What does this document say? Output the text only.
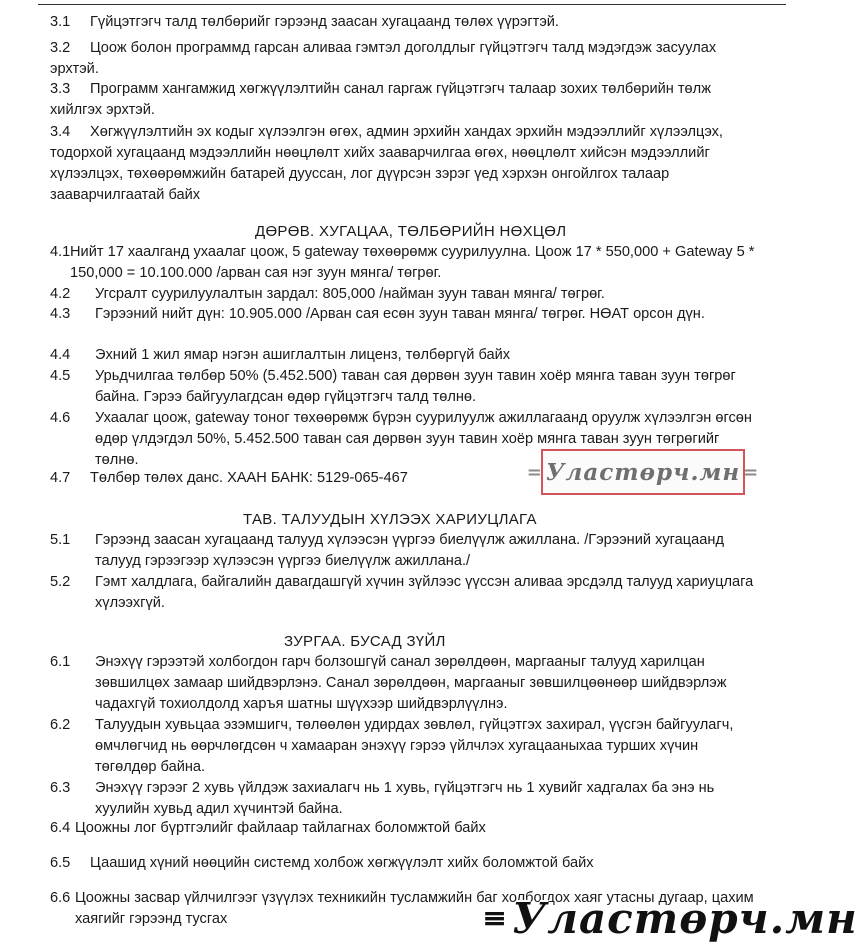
3.1	Гүйцэтгэгч талд төлбөрийг гэрээнд заасан хугацаанд төлөх үүрэгтэй.
3.2	Цоож болон программд гарсан аливаа гэмтэл доголдлыг гүйцэтгэгч талд мэдэгдэж засуулах эрхтэй.
3.3	Программ хангамжид хөгжүүлэлтийн санал гаргаж гүйцэтгэгч талаар зохих төлбөрийн төлж хийлгэх эрхтэй.
3.4	Хөгжүүлэлтийн эх кодыг хүлээлгэн өгөх, админ эрхийн хандах эрхийн мэдээллийг хүлээлцэх, тодорхой хугацаанд мэдээллийн нөөцлөлт хийх зааварчилгаа өгөх, нөөцлөлт хийсэн мэдээллийг хүлээлцэх, төхөөрөмжийн батарей дууссан, лог дүүрсэн зэрэг үед хэрхэн онгойлгох талаар зааварчилгаатай байх
ДӨРӨВ. ХУГАЦАА, ТӨЛБӨРИЙН НӨХЦӨЛ
4.1 Нийт 17 хаалганд ухаалаг цоож, 5 gateway төхөөрөмж суурилуулна. Цоож 17 * 550,000 + Gateway 5 * 150,000 = 10.100.000 /арван сая нэг зуун мянга/ төгрөг.
4.2	Угсралт суурилуулалтын зардал: 805,000 /найман зуун таван мянга/ төгрөг.
4.3	Гэрээний нийт дүн: 10.905.000 /Арван сая есөн зуун таван мянга/ төгрөг. НӨАТ орсон дүн.
4.4	Эхний 1 жил ямар нэгэн ашиглалтын лиценз, төлбөргүй байх
4.5	Урьдчилгаа төлбөр 50% (5.452.500) таван сая дөрвөн зуун тавин хоёр мянга таван зуун төгрөг байна. Гэрээ байгуулагдсан өдөр гүйцэтгэгч талд төлнө.
4.6	Ухаалаг цоож, gateway тоног төхөөрөмж бүрэн суурилуулж ажиллагаанд оруулж хүлээлгэн өгсөн өдөр үлдэгдэл 50%, 5.452.500 таван сая дөрвөн зуун тавин хоёр мянга таван зуун төгрөгийг төлнө.
4.7	Төлбөр төлөх данс. ХААН БАНК: 5129-065-467	= Уластөрч.мн =
ТАВ. ТАЛУУДЫН ХҮЛЭЭХ ХАРИУЦЛАГА
5.1	Гэрээнд заасан хугацаанд талууд хүлээсэн үүргээ биелүүлж ажиллана. /Гэрээний хугацаанд талууд гэрээгээр хүлээсэн үүргээ биелүүлж ажиллана./
5.2	Гэмт халдлага, байгалийн давагдашгүй хүчин зүйлээс үүссэн аливаа эрсдэлд талууд хариуцлага хүлээхгүй.
ЗУРГАА. БУСАД ЗҮЙЛ
6.1	Энэхүү гэрээтэй холбогдон гарч болзошгүй санал зөрөлдөөн, маргааныг талууд харилцан зөвшилцөх замаар шийдвэрлэнэ. Санал зөрөлдөөн, маргааныг зөвшилцөөнөөр шийдвэрлэж чадахгүй тохиолдолд харъя шатны шүүхээр шийдвэрлүүлнэ.
6.2	Талуудын хувьцаа эзэмшигч, төлөөлөн удирдах зөвлөл, гүйцэтгэх захирал, үүсгэн байгуулагч, өмчлөгчид нь өөрчлөгдсөн ч хамааран энэхүү гэрээ үйлчлэх хугацааныхаа турших хүчин төгөлдөр байна.
6.3	Энэхүү гэрээг 2 хувь үйлдэж захиалагч нь 1 хувь, гүйцэтгэгч нь 1 хувийг хадгалах ба энэ нь хуулийн хувьд адил хүчинтэй байна.
6.4 Цоожны лог бүртгэлийг файлаар тайлагнах боломжтой байх
6.5	Цаашид хүний нөөцийн системд холбож хөгжүүлэлт хийх боломжтой байх
6.6 Цоожны засвар үйлчилгээг үзүүлэх техникийн тусламжийн баг холбогдох хаяг утасны дугаар, цахим хаягийг гэрээнд тусгах	≡ Уластөрч.мн
